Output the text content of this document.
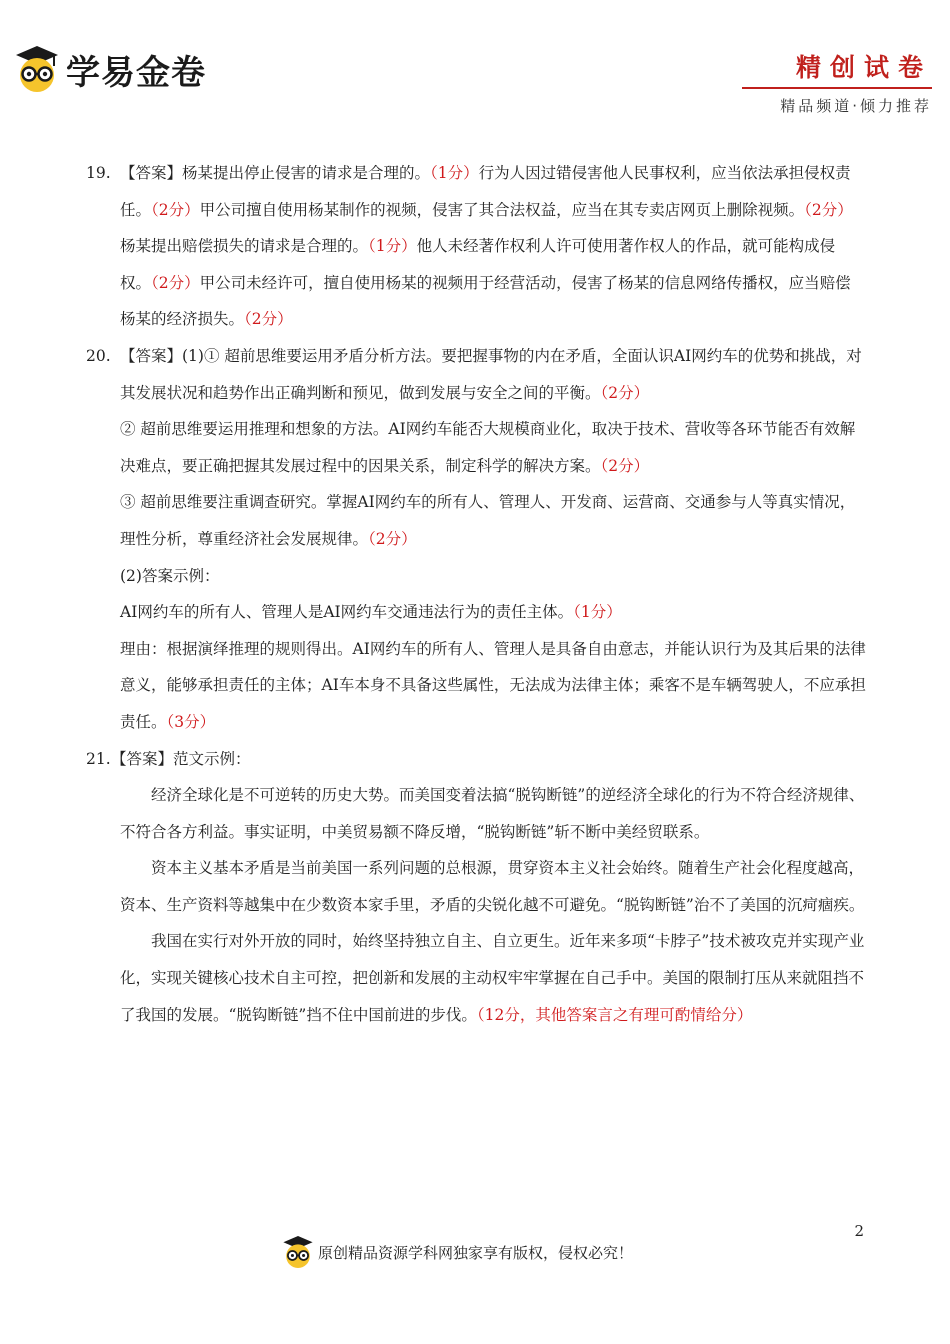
学易金卷	精创试卷
精品频道·倾力推荐
19. 【答案】杨某提出停止侵害的请求是合理的。（1分）行为人因过错侵害他人民事权利，应当依法承担侵权责任。（2分）甲公司擅自使用杨某制作的视频，侵害了其合法权益，应当在其专卖店网页上删除视频。（2分）

杨某提出赔偿损失的请求是合理的。（1分）他人未经著作权利人许可使用著作权人的作品，就可能构成侵权。（2分）甲公司未经许可，擅自使用杨某的视频用于经营活动，侵害了杨某的信息网络传播权，应当赔偿杨某的经济损失。（2分）

20. 【答案】(1)① 超前思维要运用矛盾分析方法。要把握事物的内在矛盾，全面认识AI网约车的优势和挑战，对其发展状况和趋势作出正确判断和预见，做到发展与安全之间的平衡。（2分）

② 超前思维要运用推理和想象的方法。AI网约车能否大规模商业化，取决于技术、营收等各环节能否有效解决难点，要正确把握其发展过程中的因果关系，制定科学的解决方案。（2分）

③ 超前思维要注重调查研究。掌握AI网约车的所有人、管理人、开发商、运营商、交通参与人等真实情况，理性分析，尊重经济社会发展规律。（2分）

(2)答案示例：

AI网约车的所有人、管理人是AI网约车交通违法行为的责任主体。（1分）

理由：根据演绎推理的规则得出。AI网约车的所有人、管理人是具备自由意志，并能认识行为及其后果的法律意义，能够承担责任的主体；AI车本身不具备这些属性，无法成为法律主体；乘客不是车辆驾驶人，不应承担责任。（3分）

21. 【答案】范文示例：

经济全球化是不可逆转的历史大势。而美国变着法搞“脱钩断链”的逆经济全球化的行为不符合经济规律、不符合各方利益。事实证明，中美贸易额不降反增，“脱钩断链”斩不断中美经贸联系。

资本主义基本矛盾是当前美国一系列问题的总根源，贯穿资本主义社会始终。随着生产社会化程度越高，资本、生产资料等越集中在少数资本家手里，矛盾的尖锐化越不可避免。“脱钩断链”治不了美国的沉疴痼疾。

我国在实行对外开放的同时，始终坚持独立自主、自立更生。近年来多项“卡脖子”技术被攻克并实现产业化，实现关键核心技术自主可控，把创新和发展的主动权牢牢掌握在自己手中。美国的限制打压从来就阻挡不了我国的发展。“脱钩断链”挡不住中国前进的步伐。（12分，其他答案言之有理可酌情给分）

2
原创精品资源学科网独家享有版权，侵权必究！
